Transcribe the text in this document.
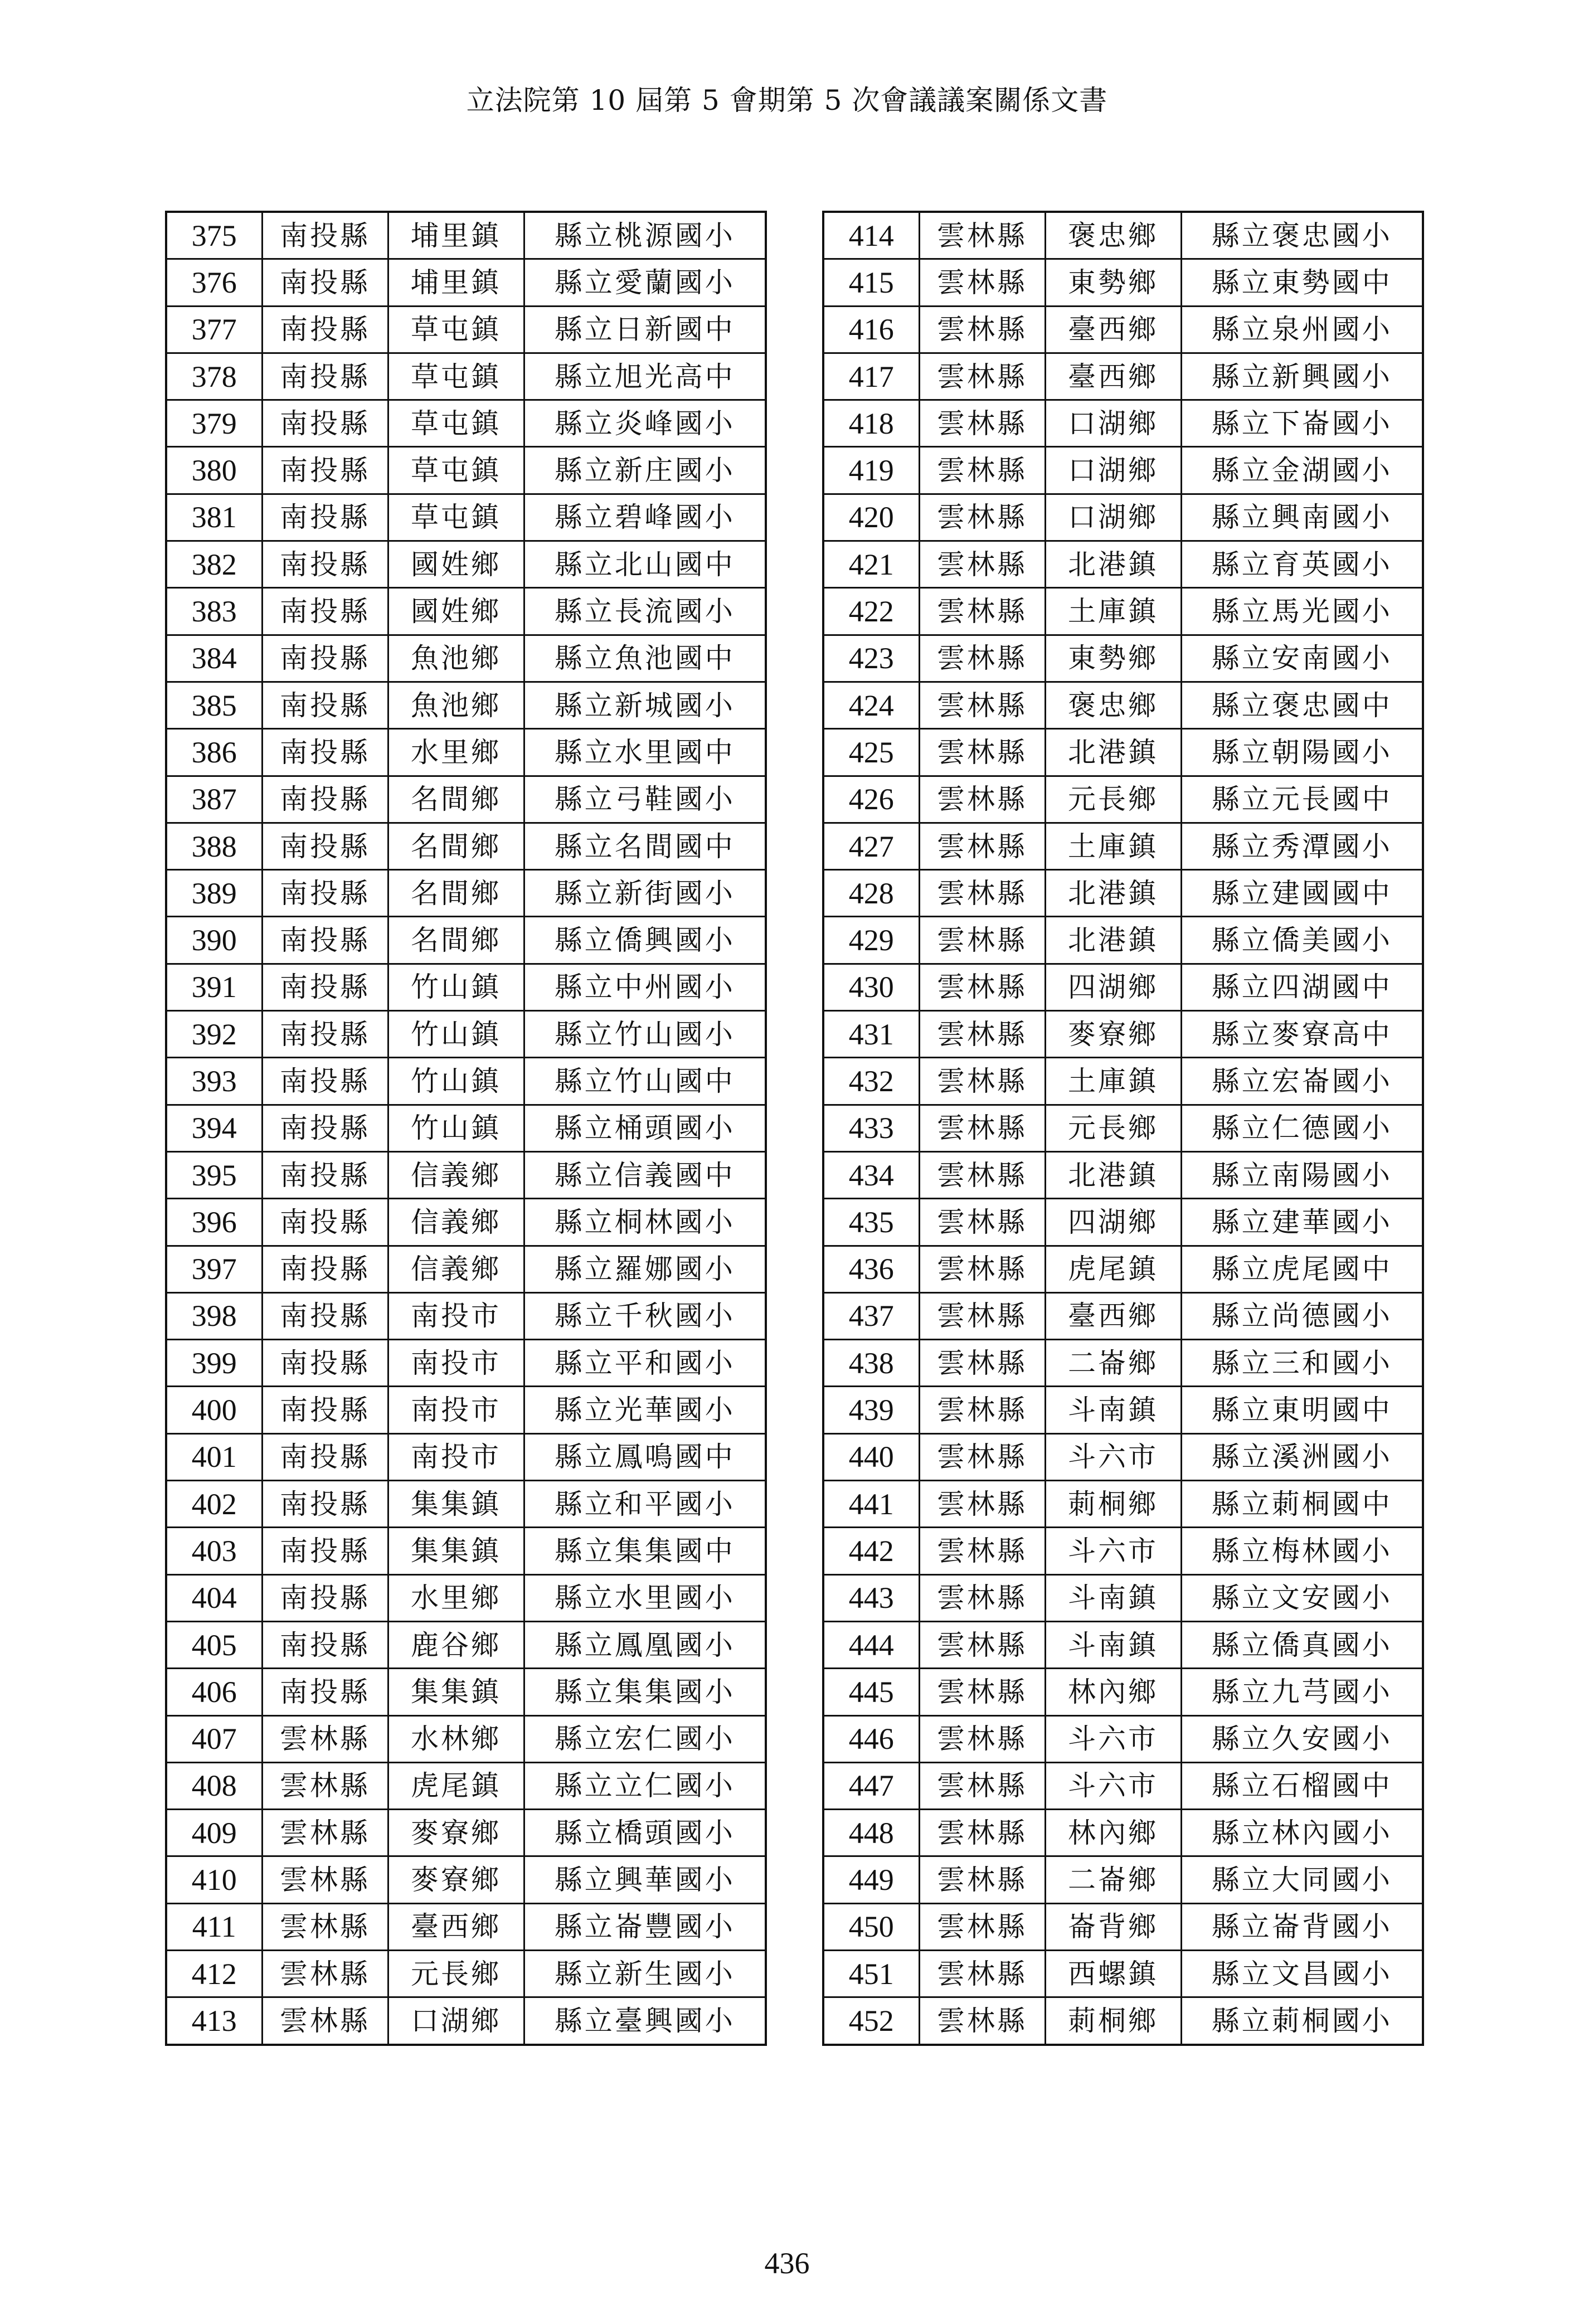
立法院第 10 屆第 5 會期第 5 次會議議案關係文書
375	南投縣	埔里鎮	縣立桃源國小
376	南投縣	埔里鎮	縣立愛蘭國小
377	南投縣	草屯鎮	縣立日新國中
378	南投縣	草屯鎮	縣立旭光高中
379	南投縣	草屯鎮	縣立炎峰國小
380	南投縣	草屯鎮	縣立新庄國小
381	南投縣	草屯鎮	縣立碧峰國小
382	南投縣	國姓鄉	縣立北山國中
383	南投縣	國姓鄉	縣立長流國小
384	南投縣	魚池鄉	縣立魚池國中
385	南投縣	魚池鄉	縣立新城國小
386	南投縣	水里鄉	縣立水里國中
387	南投縣	名間鄉	縣立弓鞋國小
388	南投縣	名間鄉	縣立名間國中
389	南投縣	名間鄉	縣立新街國小
390	南投縣	名間鄉	縣立僑興國小
391	南投縣	竹山鎮	縣立中州國小
392	南投縣	竹山鎮	縣立竹山國小
393	南投縣	竹山鎮	縣立竹山國中
394	南投縣	竹山鎮	縣立桶頭國小
395	南投縣	信義鄉	縣立信義國中
396	南投縣	信義鄉	縣立桐林國小
397	南投縣	信義鄉	縣立羅娜國小
398	南投縣	南投市	縣立千秋國小
399	南投縣	南投市	縣立平和國小
400	南投縣	南投市	縣立光華國小
401	南投縣	南投市	縣立鳳鳴國中
402	南投縣	集集鎮	縣立和平國小
403	南投縣	集集鎮	縣立集集國中
404	南投縣	水里鄉	縣立水里國小
405	南投縣	鹿谷鄉	縣立鳳凰國小
406	南投縣	集集鎮	縣立集集國小
407	雲林縣	水林鄉	縣立宏仁國小
408	雲林縣	虎尾鎮	縣立立仁國小
409	雲林縣	麥寮鄉	縣立橋頭國小
410	雲林縣	麥寮鄉	縣立興華國小
411	雲林縣	臺西鄉	縣立崙豐國小
412	雲林縣	元長鄉	縣立新生國小
413	雲林縣	口湖鄉	縣立臺興國小
414	雲林縣	褒忠鄉	縣立褒忠國小
415	雲林縣	東勢鄉	縣立東勢國中
416	雲林縣	臺西鄉	縣立泉州國小
417	雲林縣	臺西鄉	縣立新興國小
418	雲林縣	口湖鄉	縣立下崙國小
419	雲林縣	口湖鄉	縣立金湖國小
420	雲林縣	口湖鄉	縣立興南國小
421	雲林縣	北港鎮	縣立育英國小
422	雲林縣	土庫鎮	縣立馬光國小
423	雲林縣	東勢鄉	縣立安南國小
424	雲林縣	褒忠鄉	縣立褒忠國中
425	雲林縣	北港鎮	縣立朝陽國小
426	雲林縣	元長鄉	縣立元長國中
427	雲林縣	土庫鎮	縣立秀潭國小
428	雲林縣	北港鎮	縣立建國國中
429	雲林縣	北港鎮	縣立僑美國小
430	雲林縣	四湖鄉	縣立四湖國中
431	雲林縣	麥寮鄉	縣立麥寮高中
432	雲林縣	土庫鎮	縣立宏崙國小
433	雲林縣	元長鄉	縣立仁德國小
434	雲林縣	北港鎮	縣立南陽國小
435	雲林縣	四湖鄉	縣立建華國小
436	雲林縣	虎尾鎮	縣立虎尾國中
437	雲林縣	臺西鄉	縣立尚德國小
438	雲林縣	二崙鄉	縣立三和國小
439	雲林縣	斗南鎮	縣立東明國中
440	雲林縣	斗六市	縣立溪洲國小
441	雲林縣	莿桐鄉	縣立莿桐國中
442	雲林縣	斗六市	縣立梅林國小
443	雲林縣	斗南鎮	縣立文安國小
444	雲林縣	斗南鎮	縣立僑真國小
445	雲林縣	林內鄉	縣立九芎國小
446	雲林縣	斗六市	縣立久安國小
447	雲林縣	斗六市	縣立石榴國中
448	雲林縣	林內鄉	縣立林內國小
449	雲林縣	二崙鄉	縣立大同國小
450	雲林縣	崙背鄉	縣立崙背國小
451	雲林縣	西螺鎮	縣立文昌國小
452	雲林縣	莿桐鄉	縣立莿桐國小
436
